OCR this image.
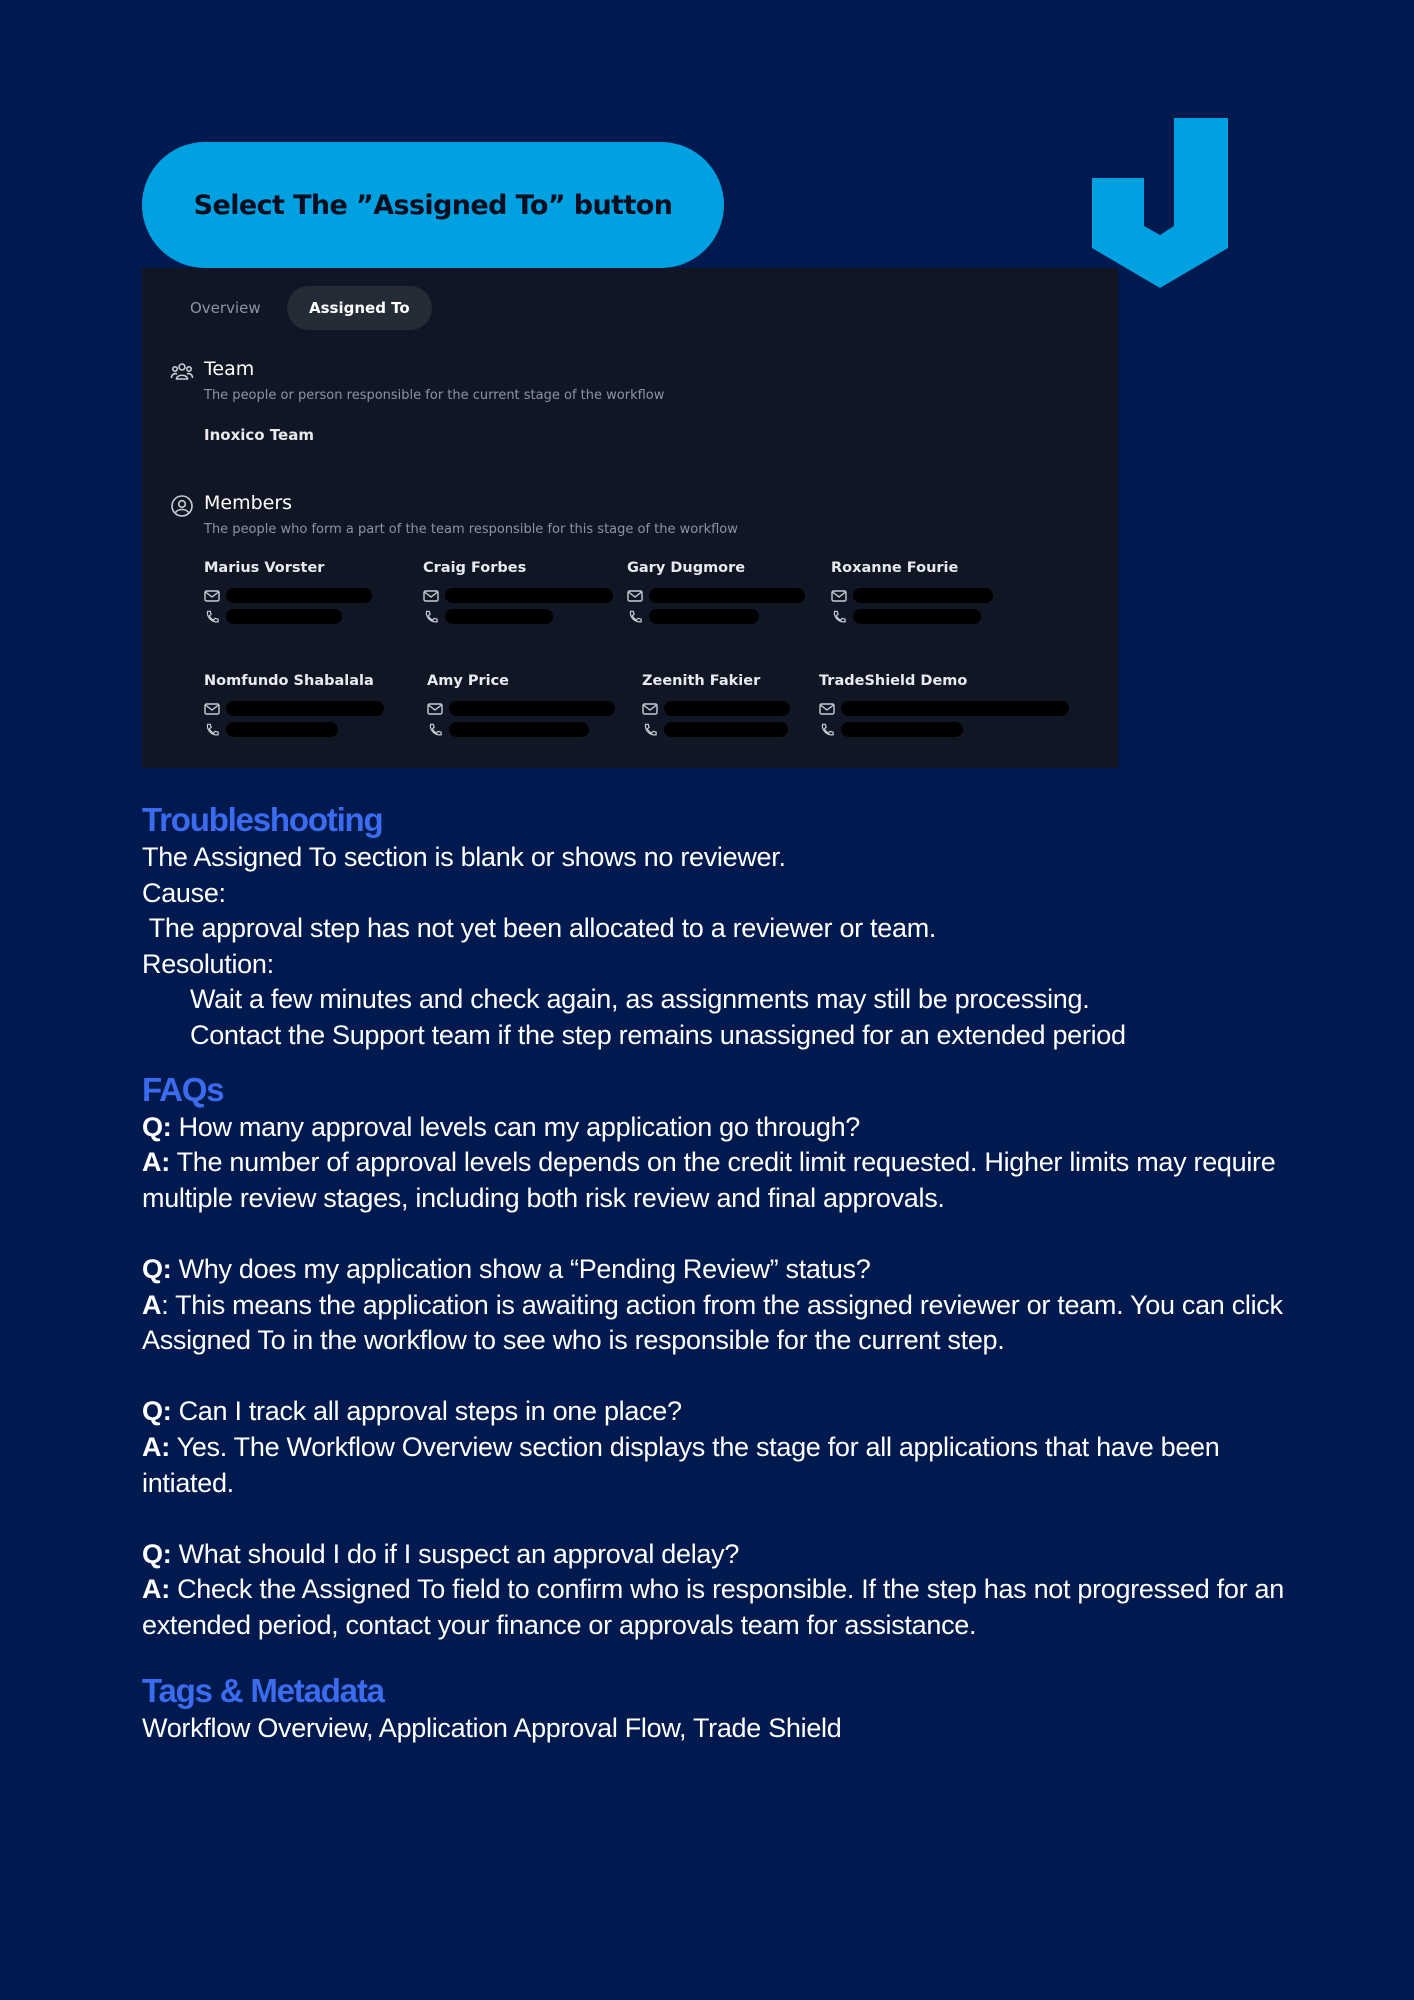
Select The ”Assigned To” button
Overview	Assigned To
Team
The people or person responsible for the current stage of the workflow
Inoxico Team
Members
The people who form a part of the team responsible for this stage of the workflow
Marius Vorster	Craig Forbes	Gary Dugmore	Roxanne Fourie
Nomfundo Shabalala	Amy Price	Zeenith Fakier	TradeShield Demo
Troubleshooting

The Assigned To section is blank or shows no reviewer.

Cause:

The approval step has not yet been allocated to a reviewer or team.

Resolution:

Wait a few minutes and check again, as assignments may still be processing.

Contact the Support team if the step remains unassigned for an extended period

FAQs

Q: How many approval levels can my application go through?

A: The number of approval levels depends on the credit limit requested. Higher limits may require multiple review stages, including both risk review and final approvals.

Q: Why does my application show a “Pending Review” status?

A: This means the application is awaiting action from the assigned reviewer or team. You can click Assigned To in the workflow to see who is responsible for the current step.

Q: Can I track all approval steps in one place?

A: Yes. The Workflow Overview section displays the stage for all applications that have been intiated.

Q: What should I do if I suspect an approval delay?

A: Check the Assigned To field to confirm who is responsible. If the step has not progressed for an extended period, contact your finance or approvals team for assistance.

Tags & Metadata

Workflow Overview, Application Approval Flow, Trade Shield
